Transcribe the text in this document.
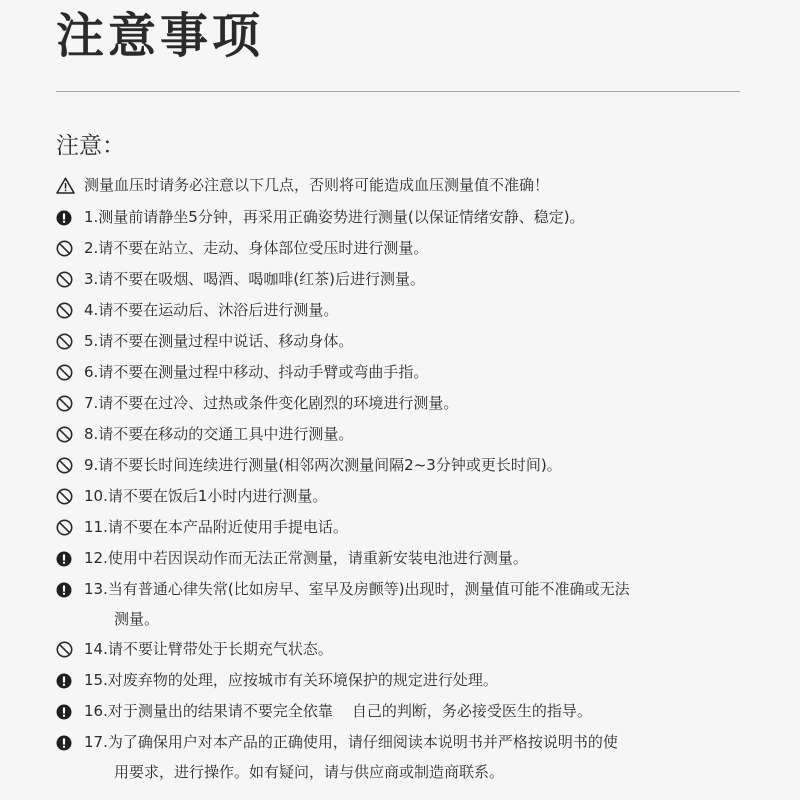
注意事项
注意：
测量血压时请务必注意以下几点，否则将可能造成血压测量值不准确！
1.测量前请静坐5分钟，再采用正确姿势进行测量(以保证情绪安静、稳定)。
2.请不要在站立、走动、身体部位受压时进行测量。
3.请不要在吸烟、喝酒、喝咖啡(红茶)后进行测量。
4.请不要在运动后、沐浴后进行测量。
5.请不要在测量过程中说话、移动身体。
6.请不要在测量过程中移动、抖动手臂或弯曲手指。
7.请不要在过冷、过热或条件变化剧烈的环境进行测量。
8.请不要在移动的交通工具中进行测量。
9.请不要长时间连续进行测量(相邻两次测量间隔2~3分钟或更长时间)。
10.请不要在饭后1小时内进行测量。
11.请不要在本产品附近使用手提电话。
12.使用中若因误动作而无法正常测量，请重新安装电池进行测量。
13.当有普通心律失常(比如房早、室早及房颤等)出现时，测量值可能不准确或无法
测量。
14.请不要让臂带处于长期充气状态。
15.对废弃物的处理，应按城市有关环境保护的规定进行处理。
16.对于测量出的结果请不要完全依靠    自己的判断，务必接受医生的指导。
17.为了确保用户对本产品的正确使用，请仔细阅读本说明书并严格按说明书的使
用要求，进行操作。如有疑问，请与供应商或制造商联系。
